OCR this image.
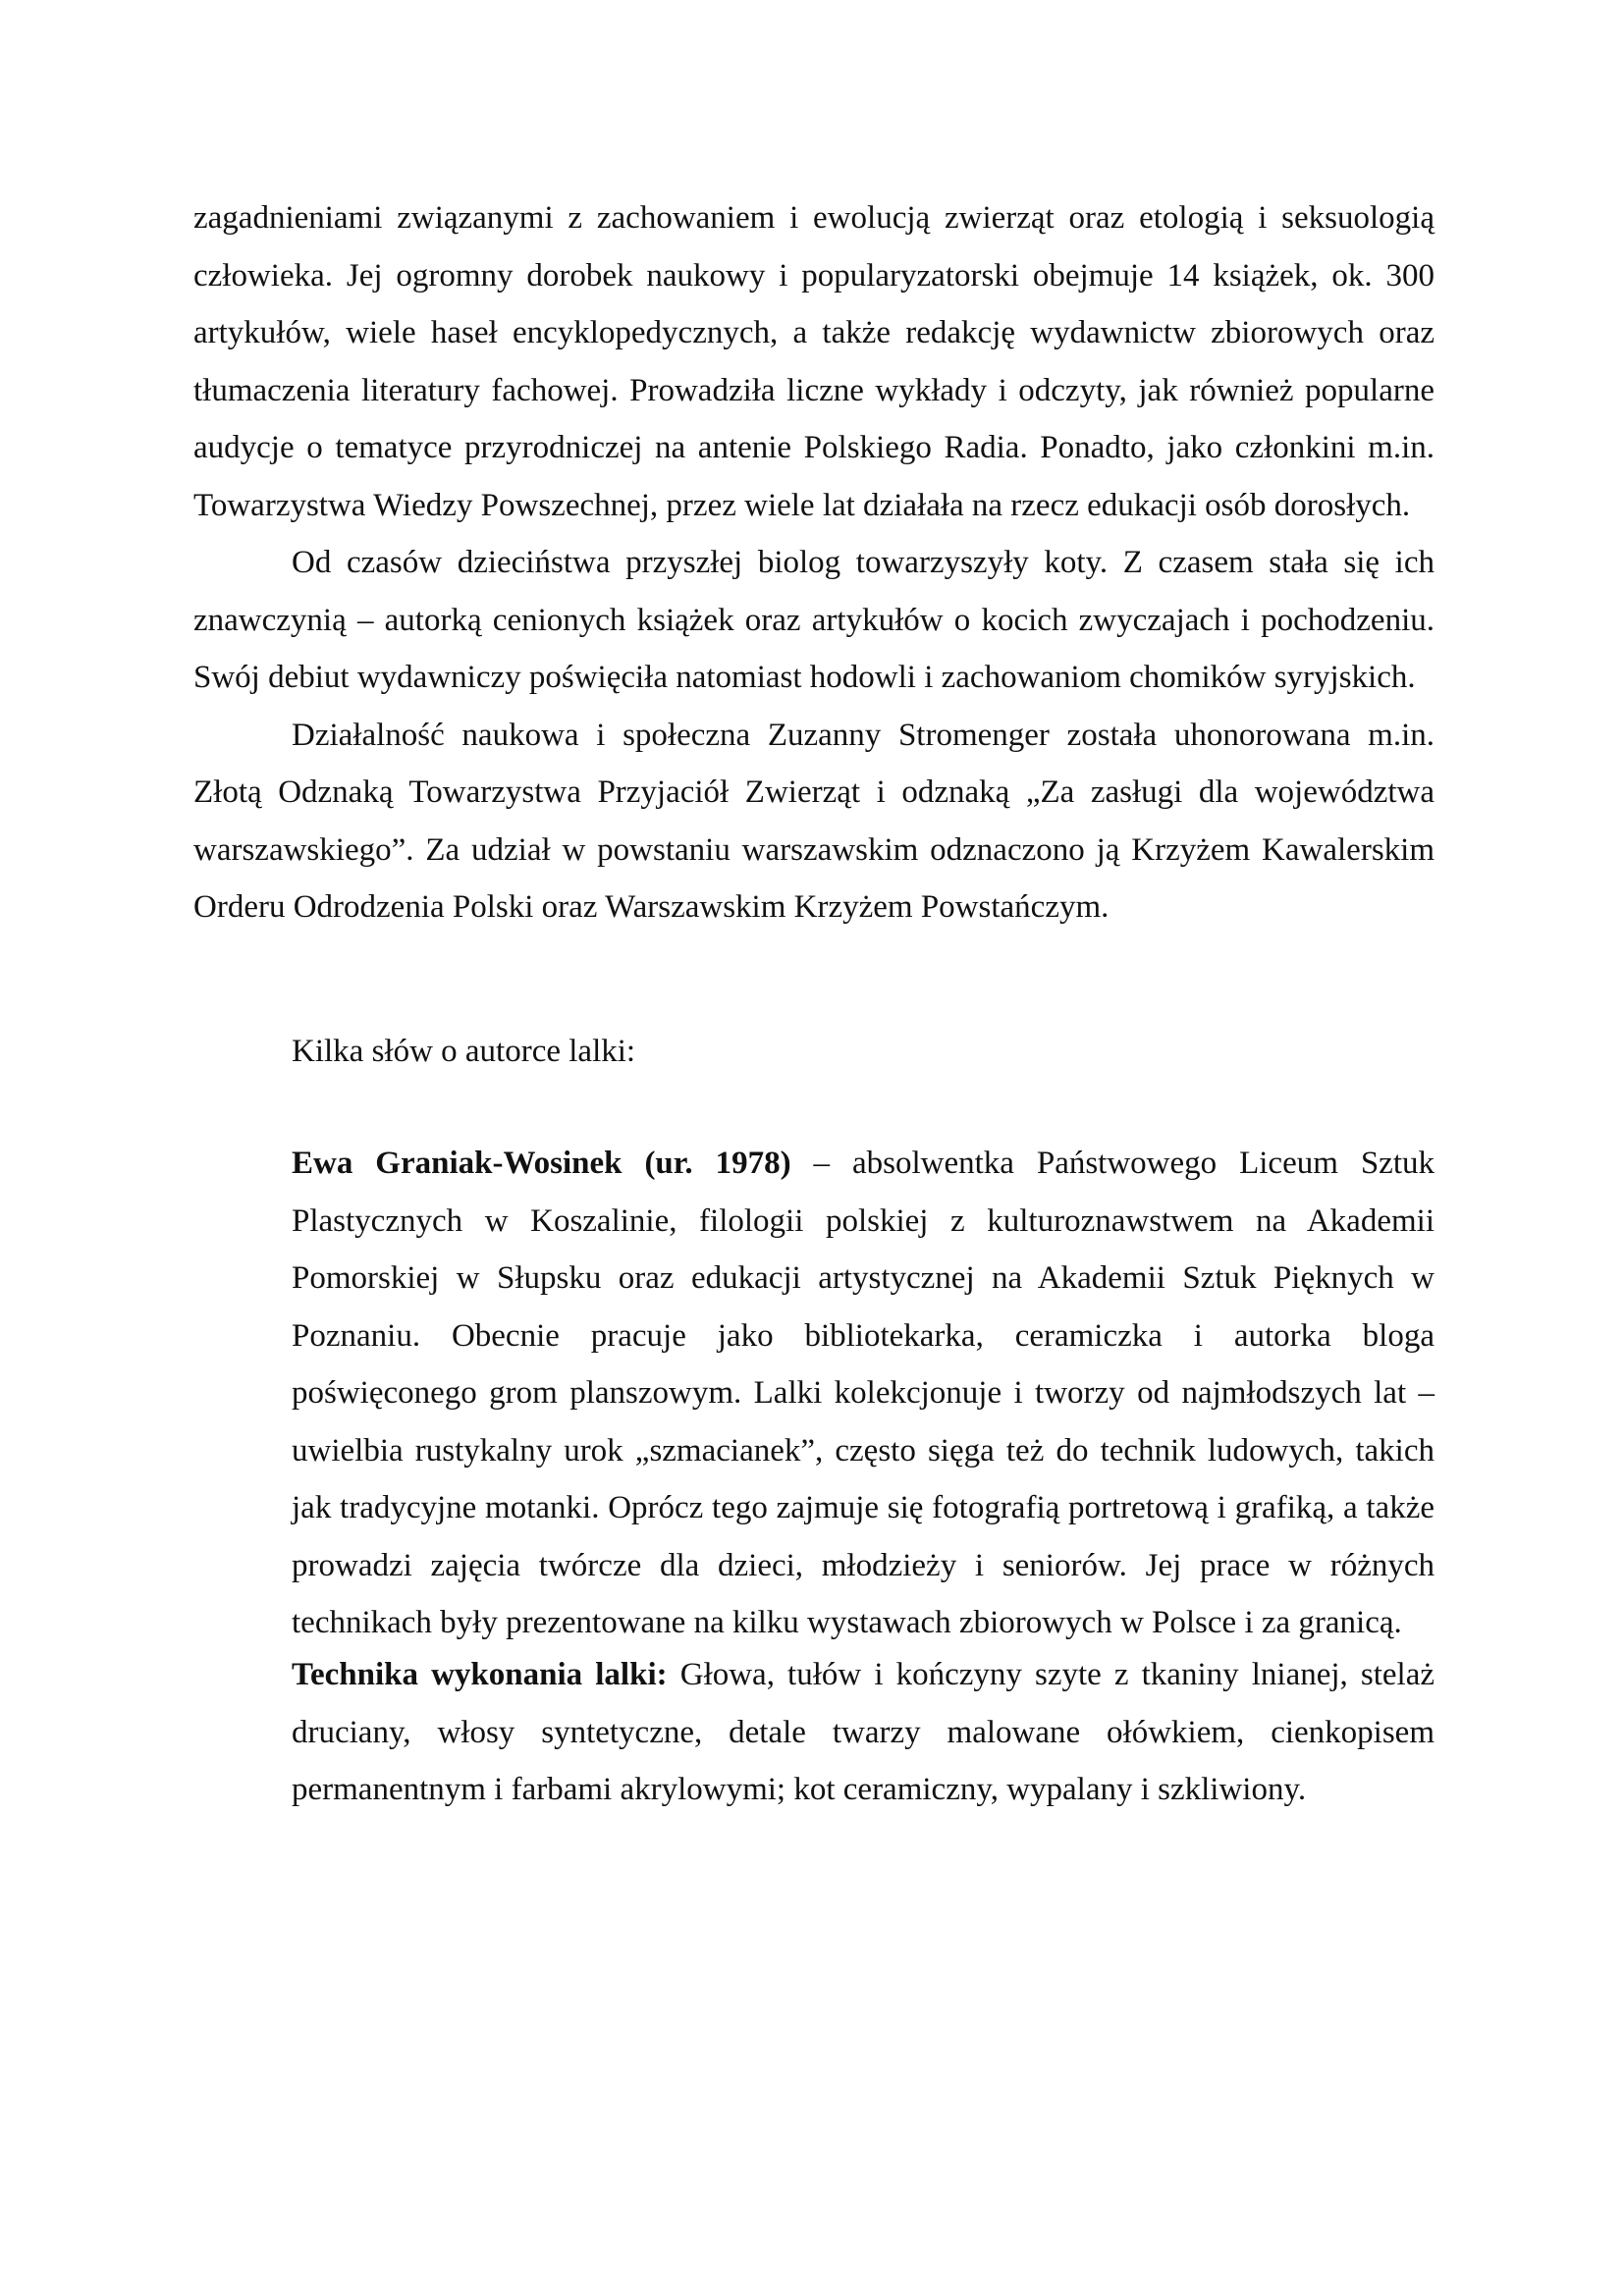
zagadnieniami związanymi z zachowaniem i ewolucją zwierząt oraz etologią i seksuologią człowieka. Jej ogromny dorobek naukowy i popularyzatorski obejmuje 14 książek, ok. 300 artykułów, wiele haseł encyklopedycznych, a także redakcję wydawnictw zbiorowych oraz tłumaczenia literatury fachowej. Prowadziła liczne wykłady i odczyty, jak również popularne audycje o tematyce przyrodniczej na antenie Polskiego Radia. Ponadto, jako członkini m.in. Towarzystwa Wiedzy Powszechnej, przez wiele lat działała na rzecz edukacji osób dorosłych.

Od czasów dzieciństwa przyszłej biolog towarzyszyły koty. Z czasem stała się ich znawczynią – autorką cenionych książek oraz artykułów o kocich zwyczajach i pochodzeniu. Swój debiut wydawniczy poświęciła natomiast hodowli i zachowaniom chomików syryjskich.

Działalność naukowa i społeczna Zuzanny Stromenger została uhonorowana m.in. Złotą Odznaką Towarzystwa Przyjaciół Zwierząt i odznaką „Za zasługi dla województwa warszawskiego”. Za udział w powstaniu warszawskim odznaczono ją Krzyżem Kawalerskim Orderu Odrodzenia Polski oraz Warszawskim Krzyżem Powstańczym.

Kilka słów o autorce lalki:

Ewa Graniak-Wosinek (ur. 1978) – absolwentka Państwowego Liceum Sztuk Plastycznych w Koszalinie, filologii polskiej z kulturoznawstwem na Akademii Pomorskiej w Słupsku oraz edukacji artystycznej na Akademii Sztuk Pięknych w Poznaniu. Obecnie pracuje jako bibliotekarka, ceramiczka i autorka bloga poświęconego grom planszowym. Lalki kolekcjonuje i tworzy od najmłodszych lat – uwielbia rustykalny urok „szmacianek”, często sięga też do technik ludowych, takich jak tradycyjne motanki. Oprócz tego zajmuje się fotografią portretową i grafiką, a także prowadzi zajęcia twórcze dla dzieci, młodzieży i seniorów. Jej prace w różnych technikach były prezentowane na kilku wystawach zbiorowych w Polsce i za granicą.

Technika wykonania lalki: Głowa, tułów i kończyny szyte z tkaniny lnianej, stelaż druciany, włosy syntetyczne, detale twarzy malowane ołówkiem, cienkopisem permanentnym i farbami akrylowymi; kot ceramiczny, wypalany i szkliwiony.
